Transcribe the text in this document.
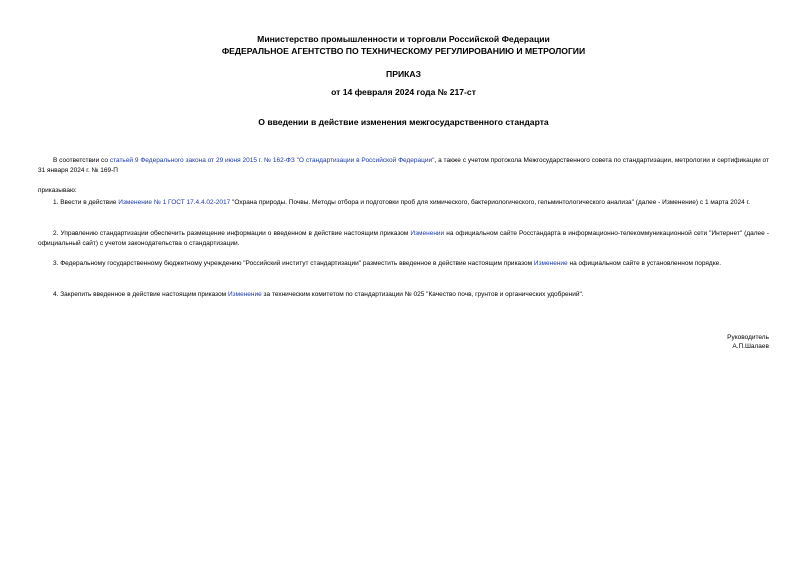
Министерство промышленности и торговли Российской Федерации
ФЕДЕРАЛЬНОЕ АГЕНТСТВО ПО ТЕХНИЧЕСКОМУ РЕГУЛИРОВАНИЮ И МЕТРОЛОГИИ
ПРИКАЗ
от 14 февраля 2024 года № 217-ст
О введении в действие изменения межгосударственного стандарта
В соответствии со статьей 9 Федерального закона от 29 июня 2015 г. № 162-ФЗ "О стандартизации в Российской Федерации", а также с учетом протокола Межгосударственного совета по стандартизации, метрологии и сертификации от 31 января 2024 г. № 169-П
приказываю:
1. Ввести в действие Изменение № 1 ГОСТ 17.4.4.02-2017 "Охрана природы. Почвы. Методы отбора и подготовки проб для химического, бактериологического, гельминтологического анализа" (далее - Изменение) с 1 марта 2024 г.
2. Управлению стандартизации обеспечить размещение информации о введенном в действие настоящим приказом Изменении на официальном сайте Росстандарта в информационно-телекоммуникационной сети "Интернет" (далее - официальный сайт) с учетом законодательства о стандартизации.
3. Федеральному государственному бюджетному учреждению "Российский институт стандартизации" разместить введенное в действие настоящим приказом Изменение на официальном сайте в установленном порядке.
4. Закрепить введенное в действие настоящим приказом Изменение за техническим комитетом по стандартизации № 025 "Качество почв, грунтов и органических удобрений".
Руководитель
А.П.Шалаев
